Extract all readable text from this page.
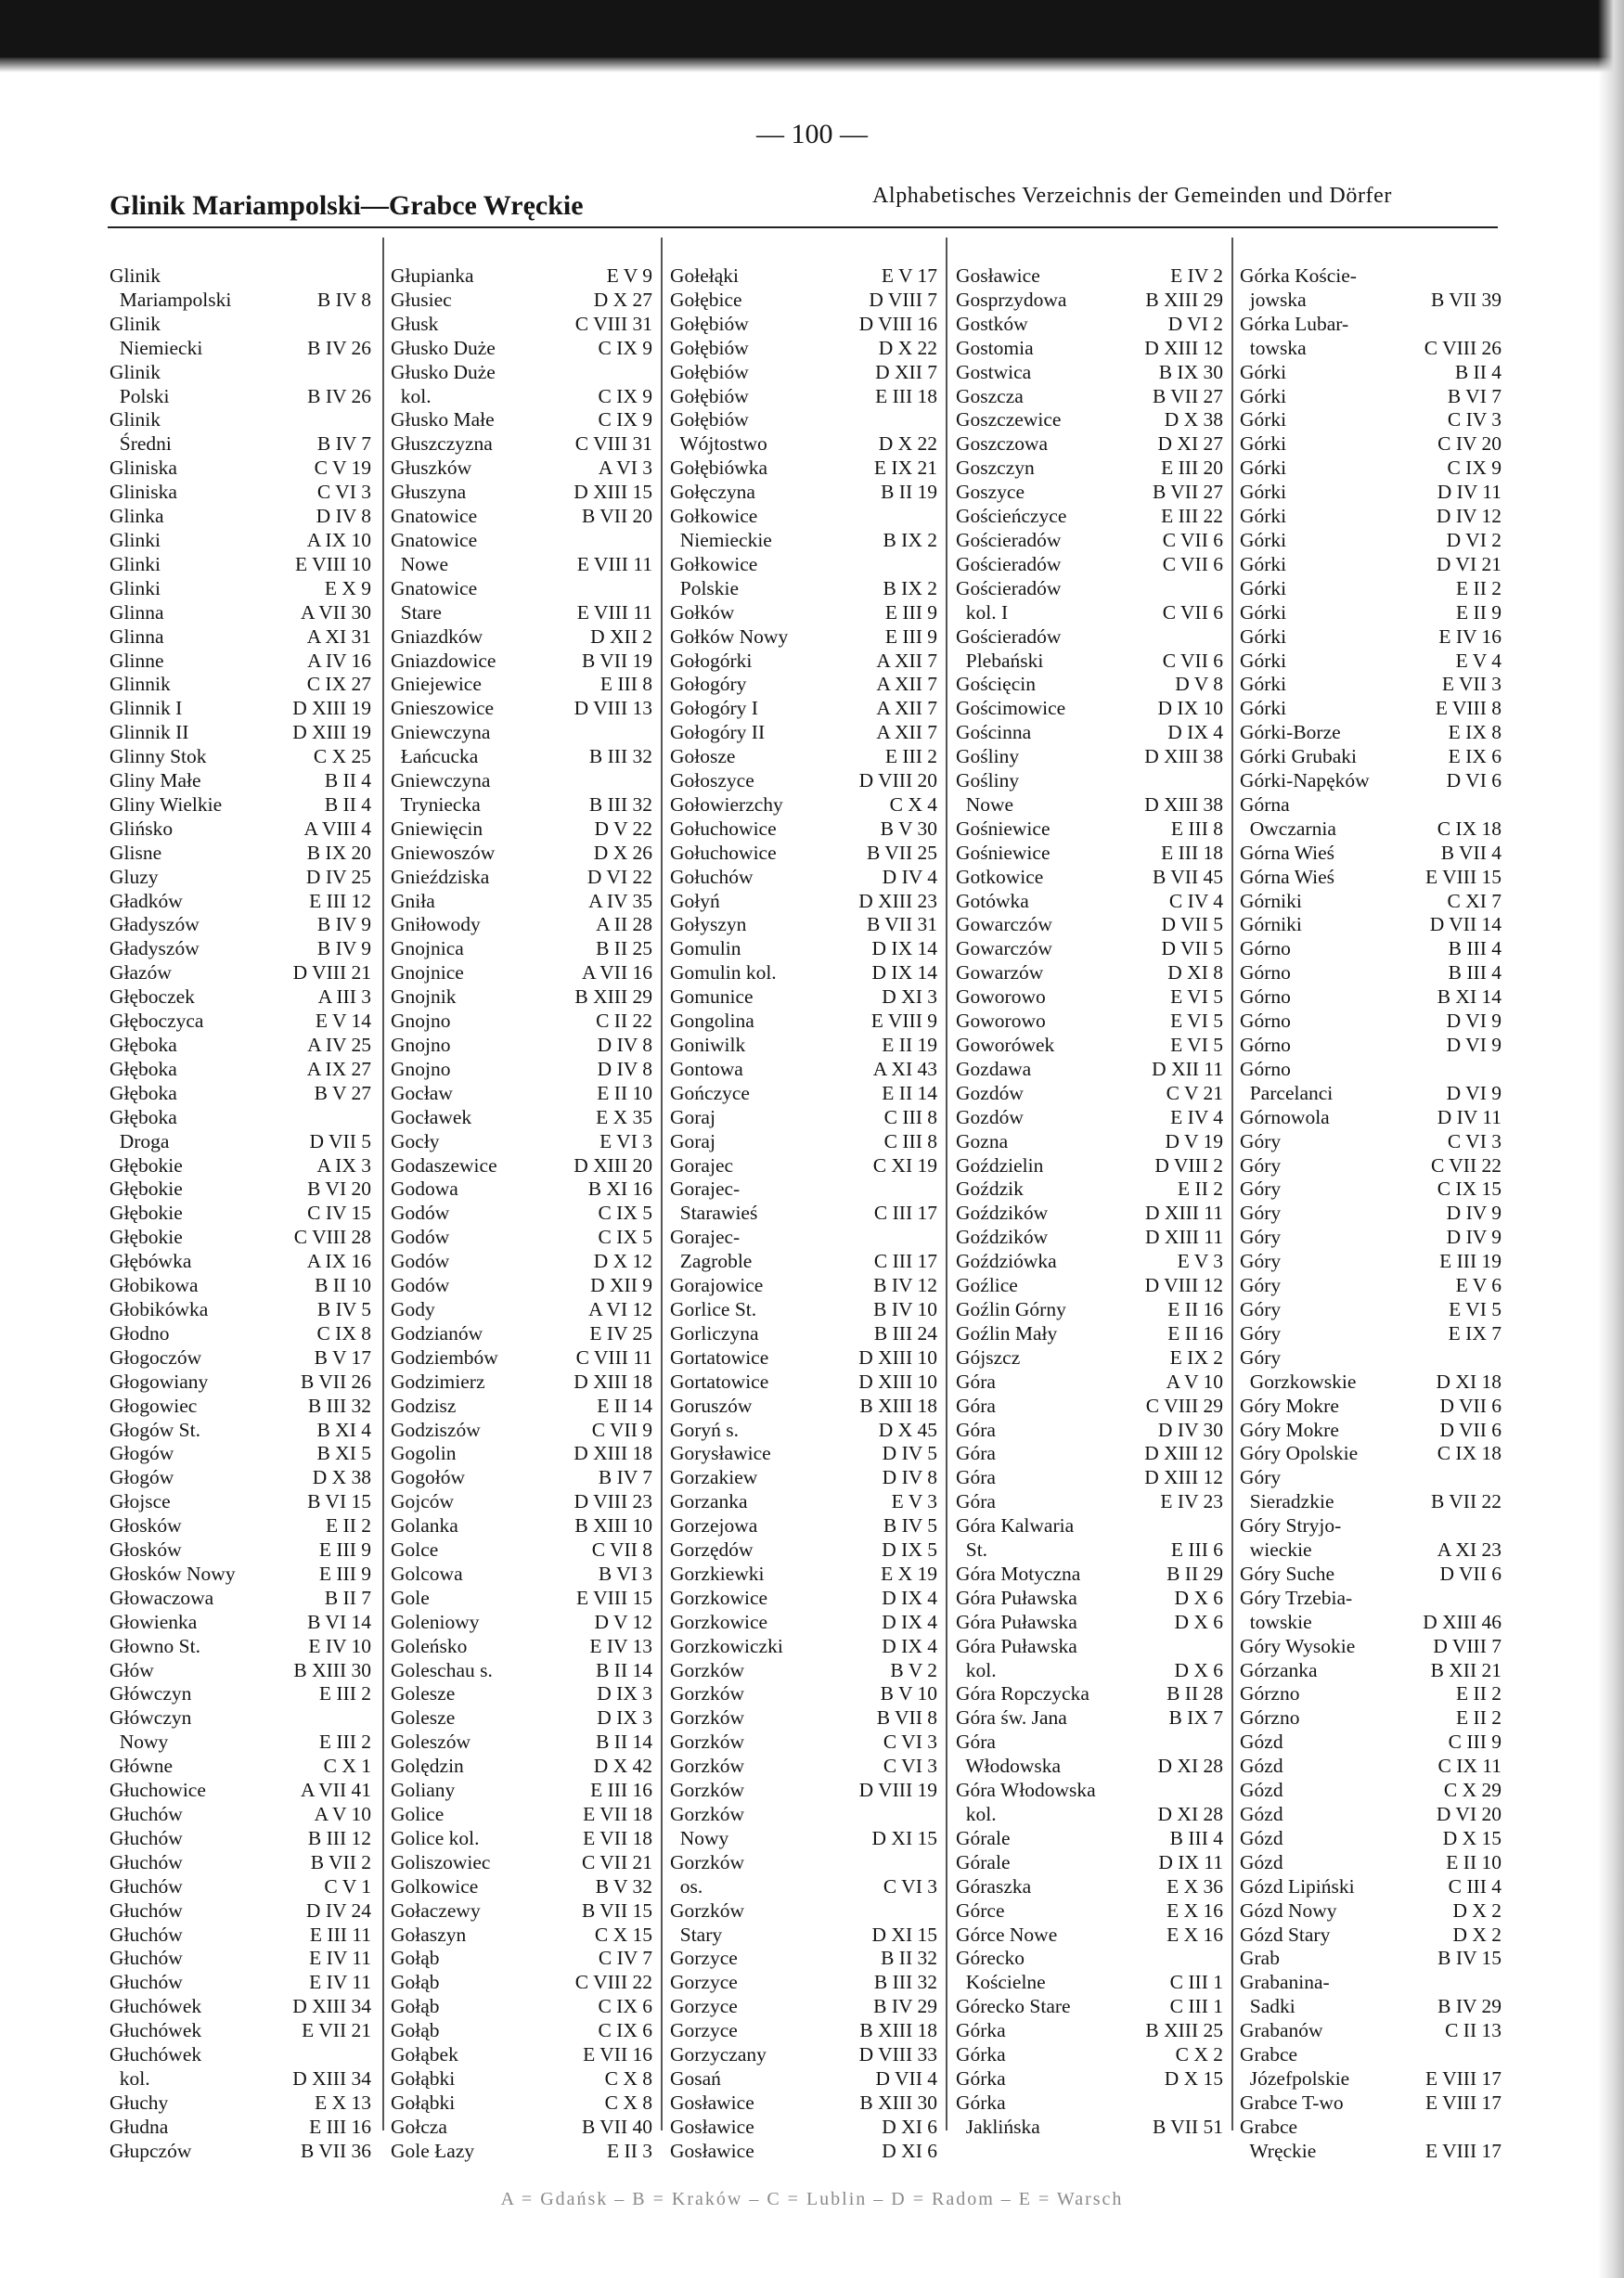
— 100 —
Glinik Mariampolski—Grabce Wręckie	Alphabetisches Verzeichnis der Gemeinden und Dörfer
Glinik
Mariampolski	B IV 8
Glinik
Niemiecki	B IV 26
Glinik
Polski	B IV 26
Glinik
Średni	B IV 7
Gliniska	C V 19
Gliniska	C VI 3
Glinka	D IV 8
Glinki	A IX 10
Glinki	E VIII 10
Glinki	E X 9
Glinna	A VII 30
Glinna	A XI 31
Glinne	A IV 16
Glinnik	C IX 27
Glinnik I	D XIII 19
Glinnik II	D XIII 19
Glinny Stok	C X 25
Gliny Małe	B II 4
Gliny Wielkie	B II 4
Glińsko	A VIII 4
Glisne	B IX 20
Gluzy	D IV 25
Gładków	E III 12
Gładyszów	B IV 9
Gładyszów	B IV 9
Głazów	D VIII 21
Głęboczek	A III 3
Głęboczyca	E V 14
Głęboka	A IV 25
Głęboka	A IX 27
Głęboka	B V 27
Głęboka
Droga	D VII 5
Głębokie	A IX 3
Głębokie	B VI 20
Głębokie	C IV 15
Głębokie	C VIII 28
Głębówka	A IX 16
Głobikowa	B II 10
Głobikówka	B IV 5
Głodno	C IX 8
Głogoczów	B V 17
Głogowiany	B VII 26
Głogowiec	B III 32
Głogów St.	B XI 4
Głogów	B XI 5
Głogów	D X 38
Głojsce	B VI 15
Głosków	E II 2
Głosków	E III 9
Głosków Nowy	E III 9
Głowaczowa	B II 7
Głowienka	B VI 14
Głowno St.	E IV 10
Głów	B XIII 30
Główczyn	E III 2
Główczyn
Nowy	E III 2
Główne	C X 1
Głuchowice	A VII 41
Głuchów	A V 10
Głuchów	B III 12
Głuchów	B VII 2
Głuchów	C V 1
Głuchów	D IV 24
Głuchów	E III 11
Głuchów	E IV 11
Głuchów	E IV 11
Głuchówek	D XIII 34
Głuchówek	E VII 21
Głuchówek
kol.	D XIII 34
Głuchy	E X 13
Głudna	E III 16
Głupczów	B VII 36
Głupianka	E V 9
Głusiec	D X 27
Głusk	C VIII 31
Głusko Duże	C IX 9
Głusko Duże
kol.	C IX 9
Głusko Małe	C IX 9
Głuszczyzna	C VIII 31
Głuszków	A VI 3
Głuszyna	D XIII 15
Gnatowice	B VII 20
Gnatowice
Nowe	E VIII 11
Gnatowice
Stare	E VIII 11
Gniazdków	D XII 2
Gniazdowice	B VII 19
Gniejewice	E III 8
Gnieszowice	D VIII 13
Gniewczyna
Łańcucka	B III 32
Gniewczyna
Tryniecka	B III 32
Gniewięcin	D V 22
Gniewoszów	D X 26
Gnieździska	D VI 22
Gniła	A IV 35
Gniłowody	A II 28
Gnojnica	B II 25
Gnojnice	A VII 16
Gnojnik	B XIII 29
Gnojno	C II 22
Gnojno	D IV 8
Gnojno	D IV 8
Gocław	E II 10
Gocławek	E X 35
Gocły	E VI 3
Godaszewice	D XIII 20
Godowa	B XI 16
Godów	C IX 5
Godów	C IX 5
Godów	D X 12
Godów	D XII 9
Gody	A VI 12
Godzianów	E IV 25
Godziembów	C VIII 11
Godzimierz	D XIII 18
Godzisz	E II 14
Godziszów	C VII 9
Gogolin	D XIII 18
Gogołów	B IV 7
Gojców	D VIII 23
Golanka	B XIII 10
Golce	C VII 8
Golcowa	B VI 3
Gole	E VIII 15
Goleniowy	D V 12
Goleńsko	E IV 13
Goleschau s.	B II 14
Golesze	D IX 3
Golesze	D IX 3
Goleszów	B II 14
Golędzin	D X 42
Goliany	E III 16
Golice	E VII 18
Golice kol.	E VII 18
Goliszowiec	C VII 21
Golkowice	B V 32
Gołaczewy	B VII 15
Gołaszyn	C X 15
Gołąb	C IV 7
Gołąb	C VIII 22
Gołąb	C IX 6
Gołąb	C IX 6
Gołąbek	E VII 16
Gołąbki	C X 8
Gołąbki	C X 8
Gołcza	B VII 40
Gole Łazy	E II 3
Gołełąki	E V 17
Gołębice	D VIII 7
Gołębiów	D VIII 16
Gołębiów	D X 22
Gołębiów	D XII 7
Gołębiów	E III 18
Gołębiów
Wójtostwo	D X 22
Gołębiówka	E IX 21
Gołęczyna	B II 19
Gołkowice
Niemieckie	B IX 2
Gołkowice
Polskie	B IX 2
Gołków	E III 9
Gołków Nowy	E III 9
Gołogórki	A XII 7
Gołogóry	A XII 7
Gołogóry I	A XII 7
Gołogóry II	A XII 7
Gołosze	E III 2
Gołoszyce	D VIII 20
Gołowierzchy	C X 4
Gołuchowice	B V 30
Gołuchowice	B VII 25
Gołuchów	D IV 4
Gołyń	D XIII 23
Gołyszyn	B VII 31
Gomulin	D IX 14
Gomulin kol.	D IX 14
Gomunice	D XI 3
Gongolina	E VIII 9
Goniwilk	E II 19
Gontowa	A XI 43
Gończyce	E II 14
Goraj	C III 8
Goraj	C III 8
Gorajec	C XI 19
Gorajec-
Starawieś	C III 17
Gorajec-
Zagroble	C III 17
Gorajowice	B IV 12
Gorlice St.	B IV 10
Gorliczyna	B III 24
Gortatowice	D XIII 10
Gortatowice	D XIII 10
Goruszów	B XIII 18
Goryń s.	D X 45
Gorysławice	D IV 5
Gorzakiew	D IV 8
Gorzanka	E V 3
Gorzejowa	B IV 5
Gorzędów	D IX 5
Gorzkiewki	E X 19
Gorzkowice	D IX 4
Gorzkowice	D IX 4
Gorzkowiczki	D IX 4
Gorzków	B V 2
Gorzków	B V 10
Gorzków	B VII 8
Gorzków	C VI 3
Gorzków	C VI 3
Gorzków	D VIII 19
Gorzków
Nowy	D XI 15
Gorzków
os.	C VI 3
Gorzków
Stary	D XI 15
Gorzyce	B II 32
Gorzyce	B III 32
Gorzyce	B IV 29
Gorzyce	B XIII 18
Gorzyczany	D VIII 33
Gosań	D VII 4
Gosławice	B XIII 30
Gosławice	D XI 6
Gosławice	D XI 6
Gosławice	E IV 2
Gosprzydowa	B XIII 29
Gostków	D VI 2
Gostomia	D XIII 12
Gostwica	B IX 30
Goszcza	B VII 27
Goszczewice	D X 38
Goszczowa	D XI 27
Goszczyn	E III 20
Goszyce	B VII 27
Gościeńczyce	E III 22
Gościeradów	C VII 6
Gościeradów	C VII 6
Gościeradów
kol. I	C VII 6
Gościeradów
Plebański	C VII 6
Gościęcin	D V 8
Gościmowice	D IX 10
Gościnna	D IX 4
Gośliny	D XIII 38
Gośliny
Nowe	D XIII 38
Gośniewice	E III 8
Gośniewice	E III 18
Gotkowice	B VII 45
Gotówka	C IV 4
Gowarczów	D VII 5
Gowarczów	D VII 5
Gowarzów	D XI 8
Goworowo	E VI 5
Goworowo	E VI 5
Goworówek	E VI 5
Gozdawa	D XII 11
Gozdów	C V 21
Gozdów	E IV 4
Gozna	D V 19
Goździelin	D VIII 2
Goździk	E II 2
Goździków	D XIII 11
Goździków	D XIII 11
Goździówka	E V 3
Goźlice	D VIII 12
Goźlin Górny	E II 16
Goźlin Mały	E II 16
Gójszcz	E IX 2
Góra	A V 10
Góra	C VIII 29
Góra	D IV 30
Góra	D XIII 12
Góra	D XIII 12
Góra	E IV 23
Góra Kalwaria
St.	E III 6
Góra Motyczna	B II 29
Góra Puławska	D X 6
Góra Puławska	D X 6
Góra Puławska
kol.	D X 6
Góra Ropczycka	B II 28
Góra św. Jana	B IX 7
Góra
Włodowska	D XI 28
Góra Włodowska
kol.	D XI 28
Górale	B III 4
Górale	D IX 11
Góraszka	E X 36
Górce	E X 16
Górce Nowe	E X 16
Górecko
Kościelne	C III 1
Górecko Stare	C III 1
Górka	B XIII 25
Górka	C X 2
Górka	D X 15
Górka
Jaklińska	B VII 51
Górka Koście-
jowska	B VII 39
Górka Lubar-
towska	C VIII 26
Górki	B II 4
Górki	B VI 7
Górki	C IV 3
Górki	C IV 20
Górki	C IX 9
Górki	D IV 11
Górki	D IV 12
Górki	D VI 2
Górki	D VI 21
Górki	E II 2
Górki	E II 9
Górki	E IV 16
Górki	E V 4
Górki	E VII 3
Górki	E VIII 8
Górki-Borze	E IX 8
Górki Grubaki	E IX 6
Górki-Napęków	D VI 6
Górna
Owczarnia	C IX 18
Górna Wieś	B VII 4
Górna Wieś	E VIII 15
Górniki	C XI 7
Górniki	D VII 14
Górno	B III 4
Górno	B III 4
Górno	B XI 14
Górno	D VI 9
Górno	D VI 9
Górno
Parcelanci	D VI 9
Górnowola	D IV 11
Góry	C VI 3
Góry	C VII 22
Góry	C IX 15
Góry	D IV 9
Góry	D IV 9
Góry	E III 19
Góry	E V 6
Góry	E VI 5
Góry	E IX 7
Góry
Gorzkowskie	D XI 18
Góry Mokre	D VII 6
Góry Mokre	D VII 6
Góry Opolskie	C IX 18
Góry
Sieradzkie	B VII 22
Góry Stryjo-
wieckie	A XI 23
Góry Suche	D VII 6
Góry Trzebia-
towskie	D XIII 46
Góry Wysokie	D VIII 7
Górzanka	B XII 21
Górzno	E II 2
Górzno	E II 2
Gózd	C III 9
Gózd	C IX 11
Gózd	C X 29
Gózd	D VI 20
Gózd	D X 15
Gózd	E II 10
Gózd Lipiński	C III 4
Gózd Nowy	D X 2
Gózd Stary	D X 2
Grab	B IV 15
Grabanina-
Sadki	B IV 29
Grabanów	C II 13
Grabce
Józefpolskie	E VIII 17
Grabce T-wo	E VIII 17
Grabce
Wręckie	E VIII 17
A = Gdańsk – B = Kraków – C = Lublin – D = Radom – E = Warsch
